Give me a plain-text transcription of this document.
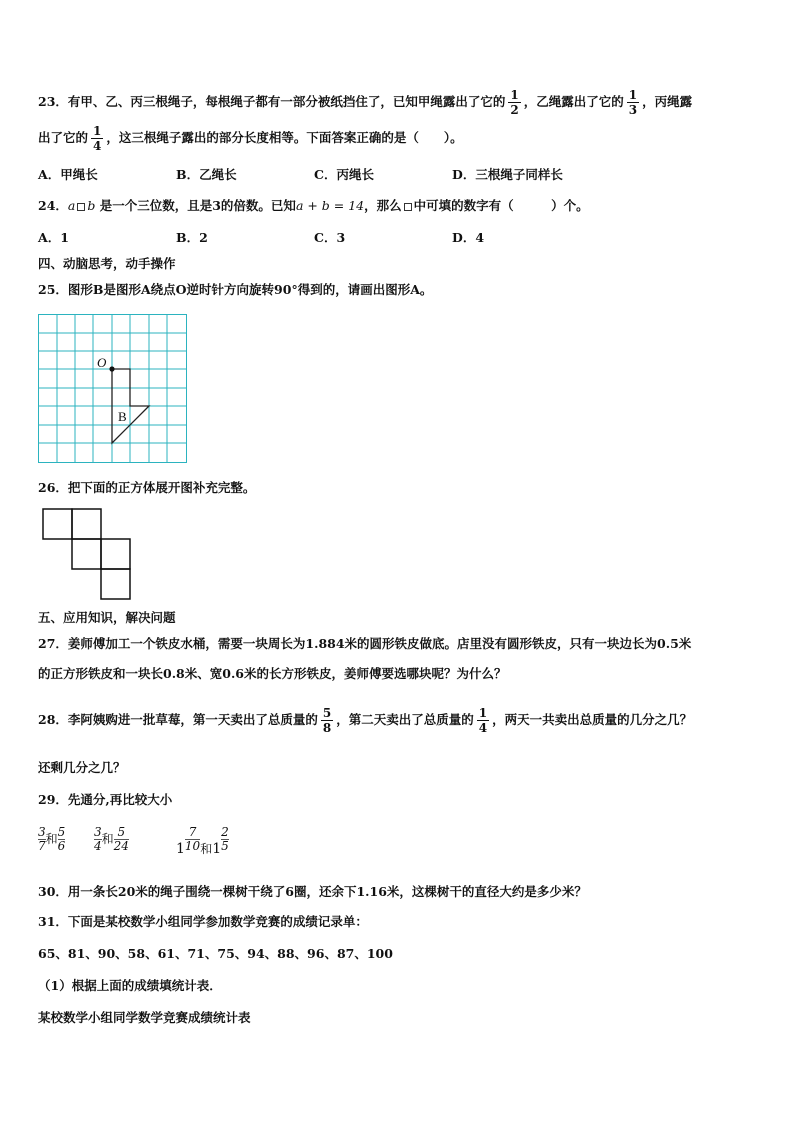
23．有甲、乙、丙三根绳子，每根绳子都有一部分被纸挡住了，已知甲绳露出了它的 $\frac{1}{2}$ ，乙绳露出了它的 $\frac{1}{3}$ ，丙绳露
出了它的 $\frac{1}{4}$ ，这三根绳子露出的部分长度相等。下面答案正确的是（　　）。
A．甲绳长	B．乙绳长	C．丙绳长	D．三根绳子同样长
24．a b 是一个三位数，且是3的倍数。已知a + b = 14，那么 中可填的数字有（　　　）个。
A．1	B．2	C．3	D．4
四、动脑思考，动手操作
25．图形B是图形A绕点O逆时针方向旋转90°得到的，请画出图形A。
O
B
26．把下面的正方体展开图补充完整。
五、应用知识，解决问题
27．姜师傅加工一个铁皮水桶，需要一块周长为1.884米的圆形铁皮做底。店里没有圆形铁皮，只有一块边长为0.5米
的正方形铁皮和一块长0.8米、宽0.6米的长方形铁皮，姜师傅要选哪块呢？为什么？
28．李阿姨购进一批草莓，第一天卖出了总质量的 $\frac{5}{8}$ ，第二天卖出了总质量的 $\frac{1}{4}$ ，两天一共卖出总质量的几分之几？
还剩几分之几？
29．先通分,再比较大小
$\frac{3}{7}$ 和 $\frac{5}{6} \frac{3}{4}$ 和 $\frac{5}{24}$	$1 \frac{7}{10}$ 和$1 \frac{2}{5}$
30．用一条长20米的绳子围绕一棵树干绕了6圈，还余下1.16米，这棵树干的直径大约是多少米？
31．下面是某校数学小组同学参加数学竞赛的成绩记录单：
65、81、90、58、61、71、75、94、88、96、87、100
（1）根据上面的成绩填统计表．
某校数学小组同学数学竞赛成绩统计表
